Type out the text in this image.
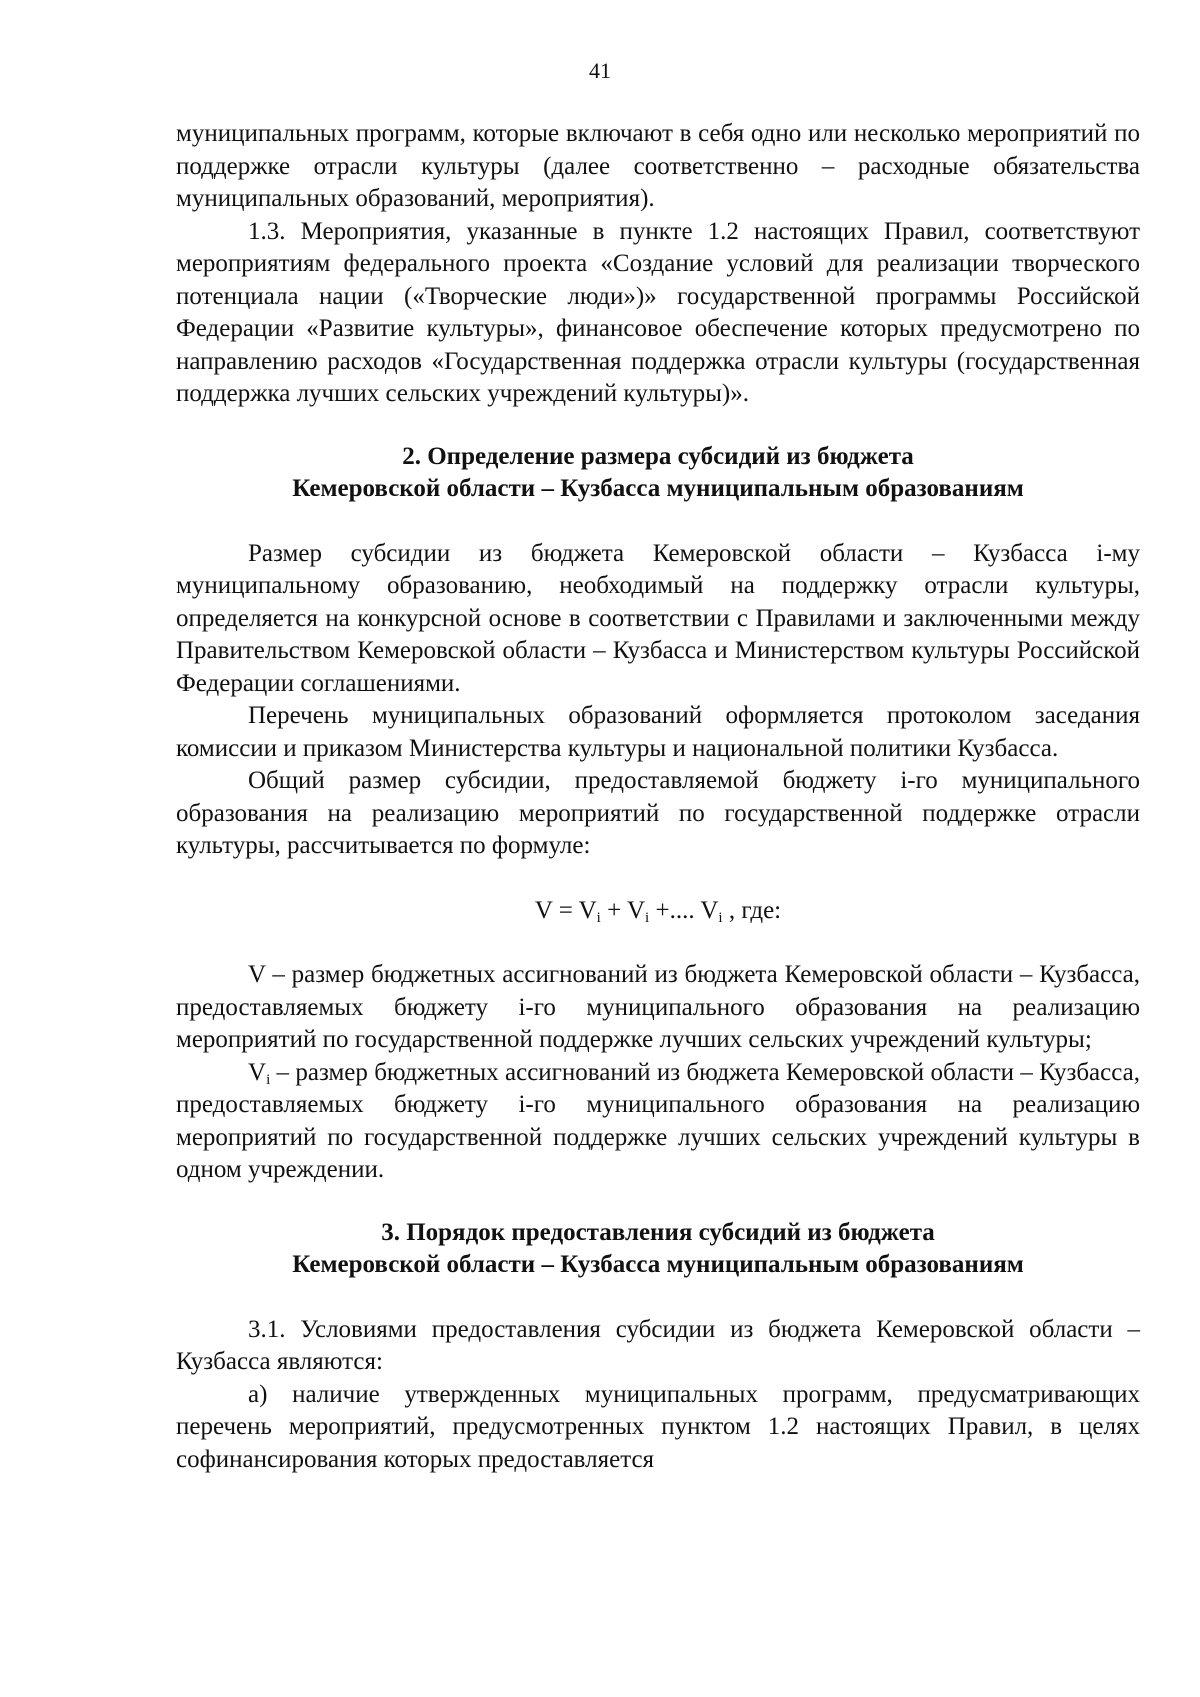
41

муниципальных программ, которые включают в себя одно или несколько мероприятий по поддержке отрасли культуры (далее соответственно – расходные обязательства муниципальных образований, мероприятия).

1.3. Мероприятия, указанные в пункте 1.2 настоящих Правил, соответствуют мероприятиям федерального проекта «Создание условий для реализации творческого потенциала нации («Творческие люди»)» государственной программы Российской Федерации «Развитие культуры», финансовое обеспечение которых предусмотрено по направлению расходов «Государственная поддержка отрасли культуры (государственная поддержка лучших сельских учреждений культуры)».

2. Определение размера субсидий из бюджета
Кемеровской области – Кузбасса муниципальным образованиям

Размер субсидии из бюджета Кемеровской области – Кузбасса i-му муниципальному образованию, необходимый на поддержку отрасли культуры, определяется на конкурсной основе в соответствии с Правилами и заключенными между Правительством Кемеровской области – Кузбасса и Министерством культуры Российской Федерации соглашениями.

Перечень муниципальных образований оформляется протоколом заседания комиссии и приказом Министерства культуры и национальной политики Кузбасса.

Общий размер субсидии, предоставляемой бюджету i-го муниципального образования на реализацию мероприятий по государственной поддержке отрасли культуры, рассчитывается по формуле:

$V = V_i + V_i$ +.... $V_i$ , где:

V – размер бюджетных ассигнований из бюджета Кемеровской области – Кузбасса, предоставляемых бюджету i-го муниципального образования на реализацию мероприятий по государственной поддержке лучших сельских учреждений культуры;

$V_i$ – размер бюджетных ассигнований из бюджета Кемеровской области – Кузбасса, предоставляемых бюджету i-го муниципального образования на реализацию мероприятий по государственной поддержке лучших сельских учреждений культуры в одном учреждении.

3. Порядок предоставления субсидий из бюджета
Кемеровской области – Кузбасса муниципальным образованиям

3.1. Условиями предоставления субсидии из бюджета Кемеровской области – Кузбасса являются:

а) наличие утвержденных муниципальных программ, предусматривающих перечень мероприятий, предусмотренных пунктом 1.2 настоящих Правил, в целях софинансирования которых предоставляется
